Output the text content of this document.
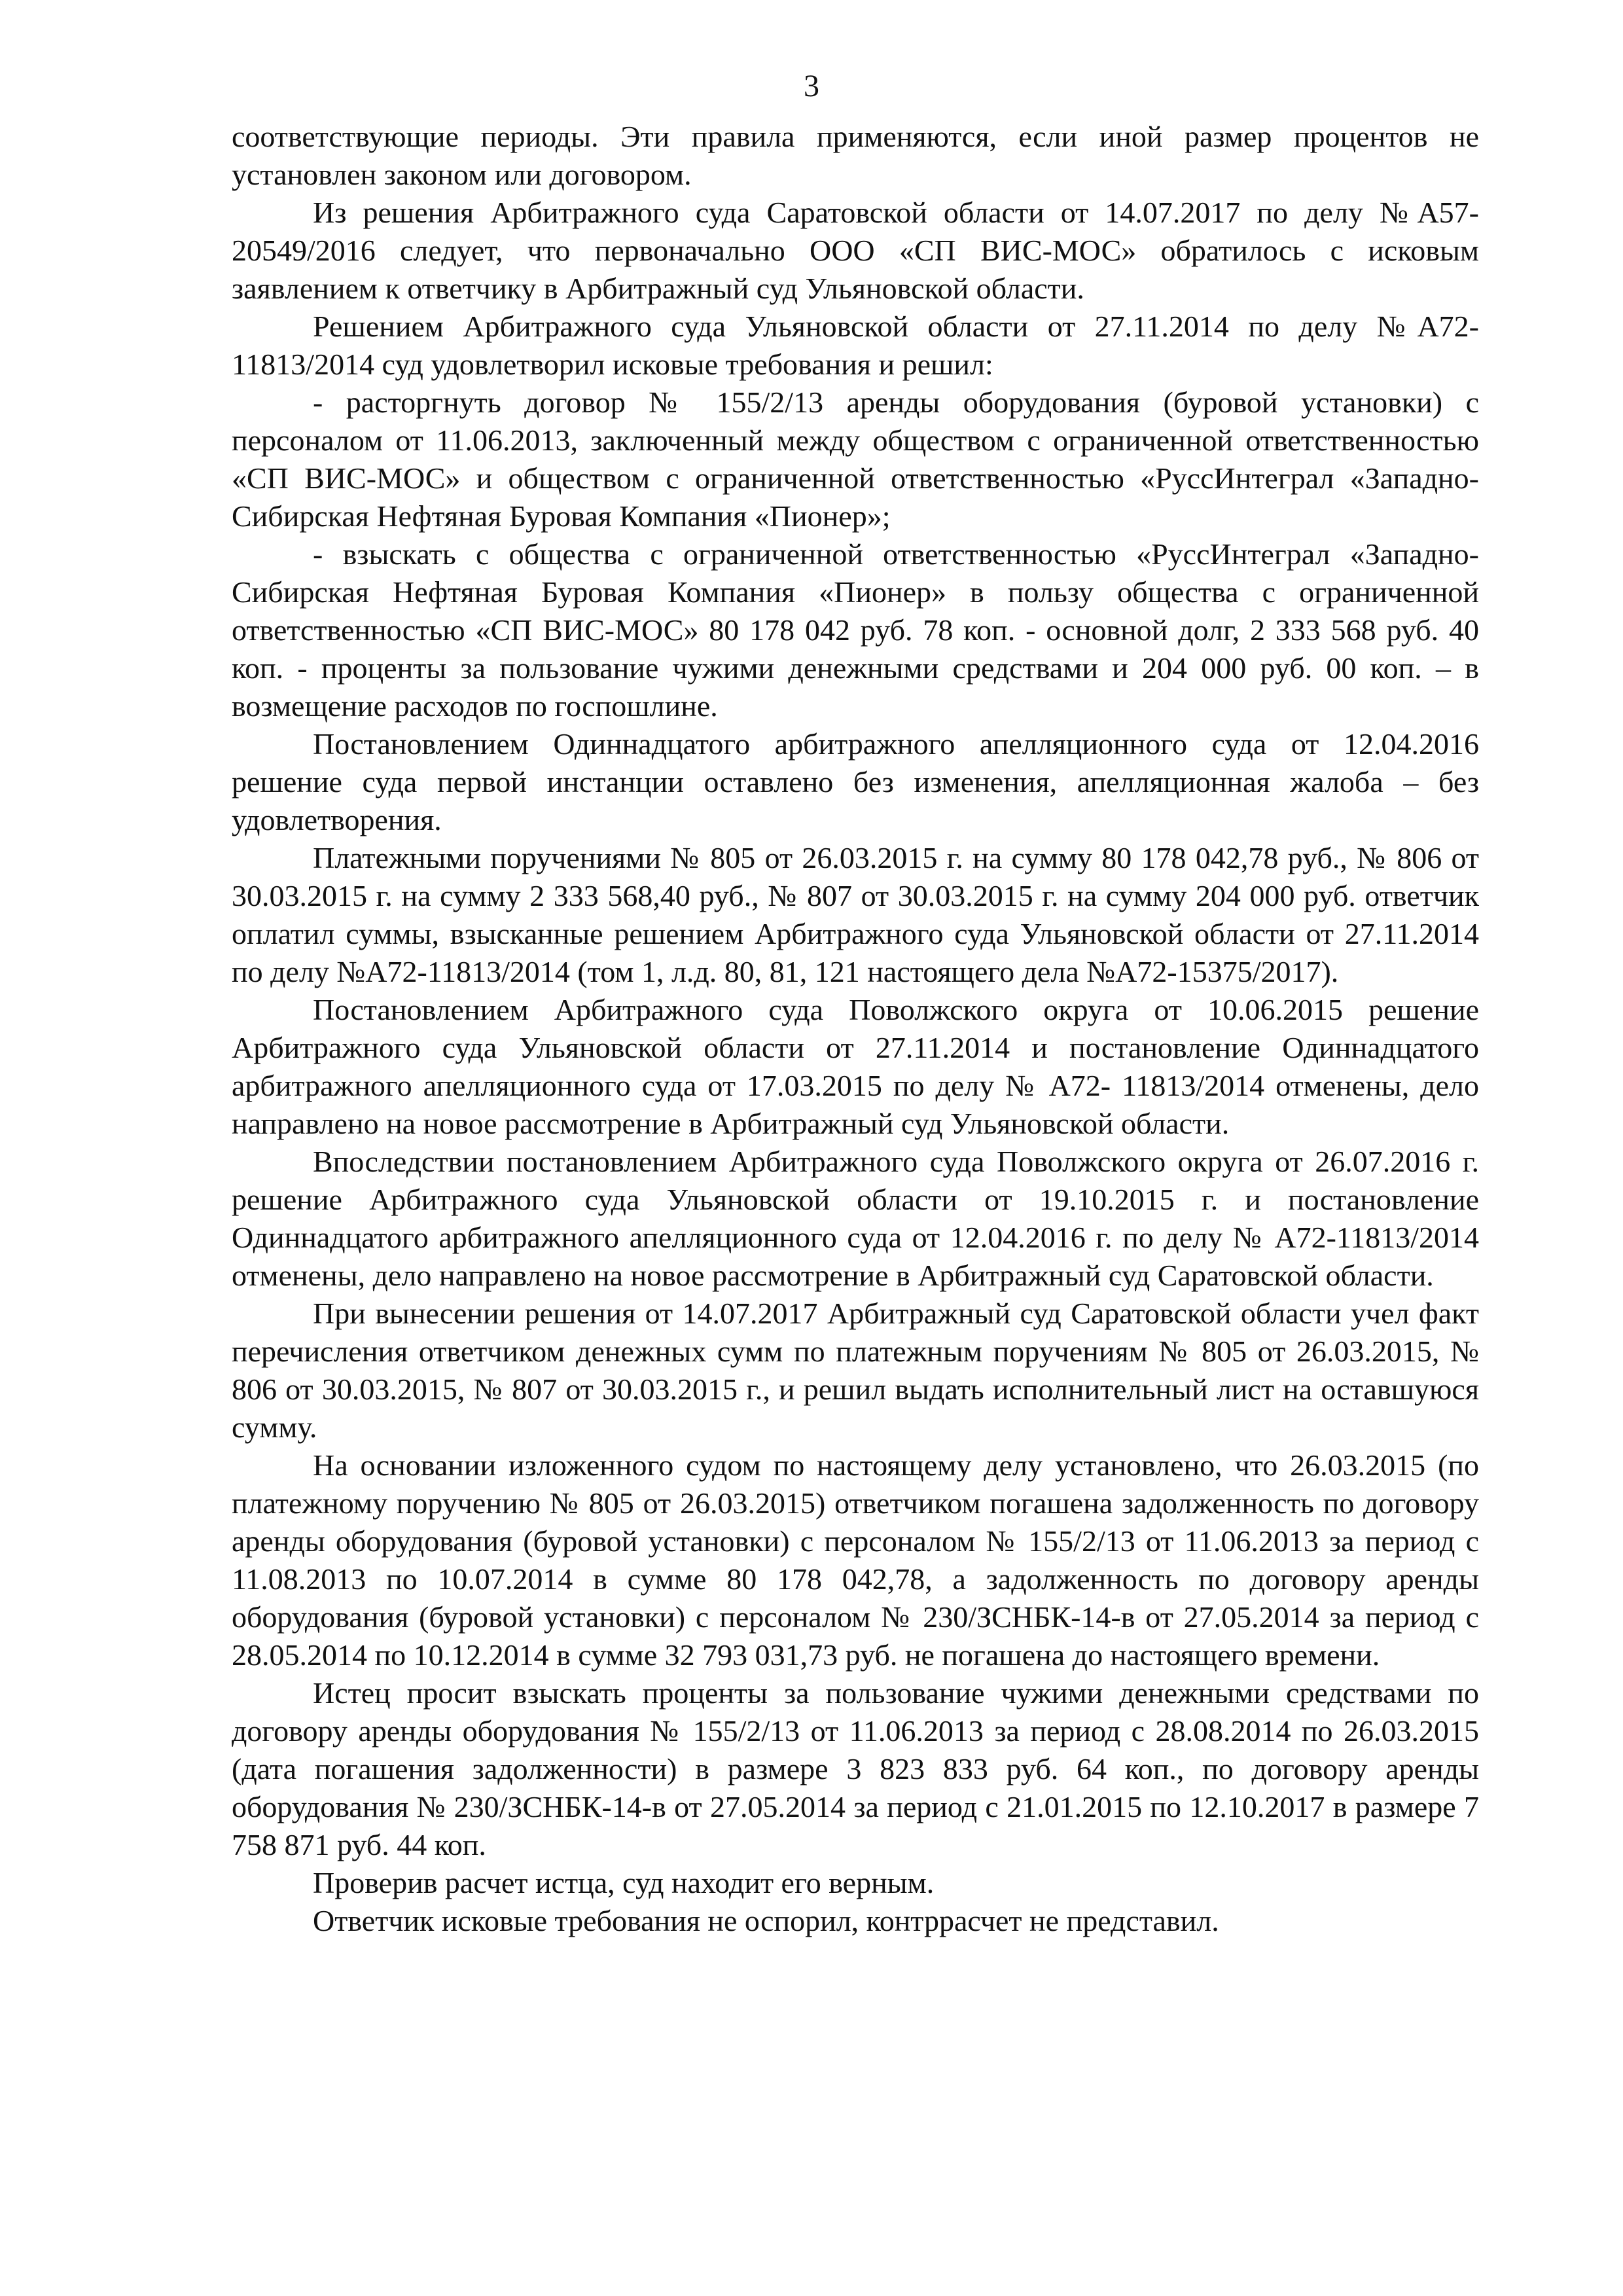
3

соответствующие периоды. Эти правила применяются, если иной размер процентов не установлен законом или договором.

Из решения Арбитражного суда Саратовской области от 14.07.2017 по делу №А57-20549/2016 следует, что первоначально ООО «СП ВИС-МОС» обратилось с исковым заявлением к ответчику в Арбитражный суд Ульяновской области.

Решением Арбитражного суда Ульяновской области от 27.11.2014 по делу №А72-11813/2014 суд удовлетворил исковые требования и решил:

- расторгнуть договор № 155/2/13 аренды оборудования (буровой установки) с персоналом от 11.06.2013, заключенный между обществом с ограниченной ответственностью «СП ВИС-МОС» и обществом с ограниченной ответственностью «РуссИнтеграл «Западно- Сибирская Нефтяная Буровая Компания «Пионер»;

- взыскать с общества с ограниченной ответственностью «РуссИнтеграл «Западно-Сибирская Нефтяная Буровая Компания «Пионер» в пользу общества с ограниченной ответственностью «СП ВИС-МОС» 80 178 042 руб. 78 коп. - основной долг, 2 333 568 руб. 40 коп. - проценты за пользование чужими денежными средствами и 204 000 руб. 00 коп. – в возмещение расходов по госпошлине.

Постановлением Одиннадцатого арбитражного апелляционного суда от 12.04.2016 решение суда первой инстанции оставлено без изменения, апелляционная жалоба – без удовлетворения.

Платежными поручениями № 805 от 26.03.2015 г. на сумму 80 178 042,78 руб., № 806 от 30.03.2015 г. на сумму 2 333 568,40 руб., № 807 от 30.03.2015 г. на сумму 204 000 руб. ответчик оплатил суммы, взысканные решением Арбитражного суда Ульяновской области от 27.11.2014 по делу №А72-11813/2014 (том 1, л.д. 80, 81, 121 настоящего дела №А72-15375/2017).

Постановлением Арбитражного суда Поволжского округа от 10.06.2015 решение Арбитражного суда Ульяновской области от 27.11.2014 и постановление Одиннадцатого арбитражного апелляционного суда от 17.03.2015 по делу № А72- 11813/2014 отменены, дело направлено на новое рассмотрение в Арбитражный суд Ульяновской области.

Впоследствии постановлением Арбитражного суда Поволжского округа от 26.07.2016 г. решение Арбитражного суда Ульяновской области от 19.10.2015 г. и постановление Одиннадцатого арбитражного апелляционного суда от 12.04.2016 г. по делу № А72-11813/2014 отменены, дело направлено на новое рассмотрение в Арбитражный суд Саратовской области.

При вынесении решения от 14.07.2017 Арбитражный суд Саратовской области учел факт перечисления ответчиком денежных сумм по платежным поручениям № 805 от 26.03.2015, № 806 от 30.03.2015, № 807 от 30.03.2015 г., и решил выдать исполнительный лист на оставшуюся сумму.

На основании изложенного судом по настоящему делу установлено, что 26.03.2015 (по платежному поручению № 805 от 26.03.2015) ответчиком погашена задолженность по договору аренды оборудования (буровой установки) с персоналом № 155/2/13 от 11.06.2013 за период с 11.08.2013 по 10.07.2014 в сумме 80 178 042,78, а задолженность по договору аренды оборудования (буровой установки) с персоналом № 230/ЗСНБК-14-в от 27.05.2014 за период с 28.05.2014 по 10.12.2014 в сумме 32 793 031,73 руб. не погашена до настоящего времени.

Истец просит взыскать проценты за пользование чужими денежными средствами по договору аренды оборудования № 155/2/13 от 11.06.2013 за период с 28.08.2014 по 26.03.2015 (дата погашения задолженности) в размере 3 823 833 руб. 64 коп., по договору аренды оборудования № 230/ЗСНБК-14-в от 27.05.2014 за период с 21.01.2015 по 12.10.2017 в размере 7 758 871 руб. 44 коп.

Проверив расчет истца, суд находит его верным.

Ответчик исковые требования не оспорил, контррасчет не представил.
